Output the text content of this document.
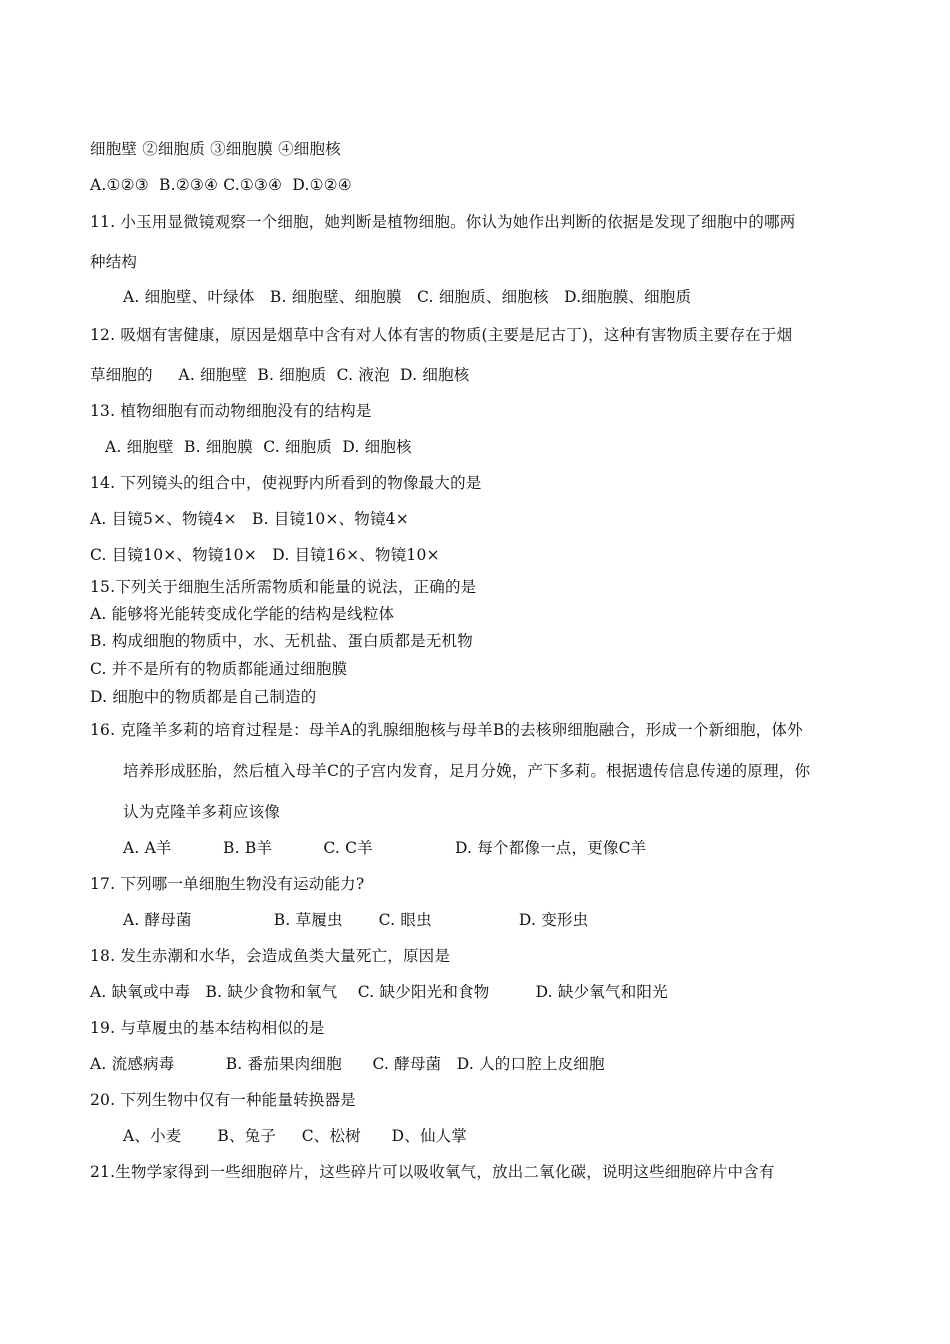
细胞壁 ②细胞质 ③细胞膜 ④细胞核
A.①②③  B.②③④ C.①③④  D.①②④
11. 小玉用显微镜观察一个细胞，她判断是植物细胞。你认为她作出判断的依据是发现了细胞中的哪两
种结构
A. 细胞壁、叶绿体   B. 细胞壁、细胞膜   C. 细胞质、细胞核   D.细胞膜、细胞质
12. 吸烟有害健康，原因是烟草中含有对人体有害的物质(主要是尼古丁)，这种有害物质主要存在于烟
草细胞的     A. 细胞壁  B. 细胞质  C. 液泡  D. 细胞核
13. 植物细胞有而动物细胞没有的结构是
A. 细胞壁  B. 细胞膜  C. 细胞质  D. 细胞核
14. 下列镜头的组合中，使视野内所看到的物像最大的是
A. 目镜5×、物镜4×   B. 目镜10×、物镜4×
C. 目镜10×、物镜10×   D. 目镜16×、物镜10×
15.下列关于细胞生活所需物质和能量的说法，正确的是
A. 能够将光能转变成化学能的结构是线粒体
B. 构成细胞的物质中，水、无机盐、蛋白质都是无机物
C. 并不是所有的物质都能通过细胞膜
D. 细胞中的物质都是自己制造的
16. 克隆羊多莉的培育过程是：母羊A的乳腺细胞核与母羊B的去核卵细胞融合，形成一个新细胞，体外
培养形成胚胎，然后植入母羊C的子宫内发育，足月分娩，产下多莉。根据遗传信息传递的原理，你
认为克隆羊多莉应该像
A. A羊          B. B羊          C. C羊                D. 每个都像一点，更像C羊
17. 下列哪一单细胞生物没有运动能力?
A. 酵母菌                B. 草履虫       C. 眼虫                 D. 变形虫
18. 发生赤潮和水华，会造成鱼类大量死亡，原因是
A. 缺氧或中毒   B. 缺少食物和氧气    C. 缺少阳光和食物         D. 缺少氧气和阳光
19. 与草履虫的基本结构相似的是
A. 流感病毒          B. 番茄果肉细胞      C. 酵母菌   D. 人的口腔上皮细胞
20. 下列生物中仅有一种能量转换器是
A、小麦       B、兔子     C、松树      D、仙人掌
21.生物学家得到一些细胞碎片，这些碎片可以吸收氧气，放出二氧化碳，说明这些细胞碎片中含有
